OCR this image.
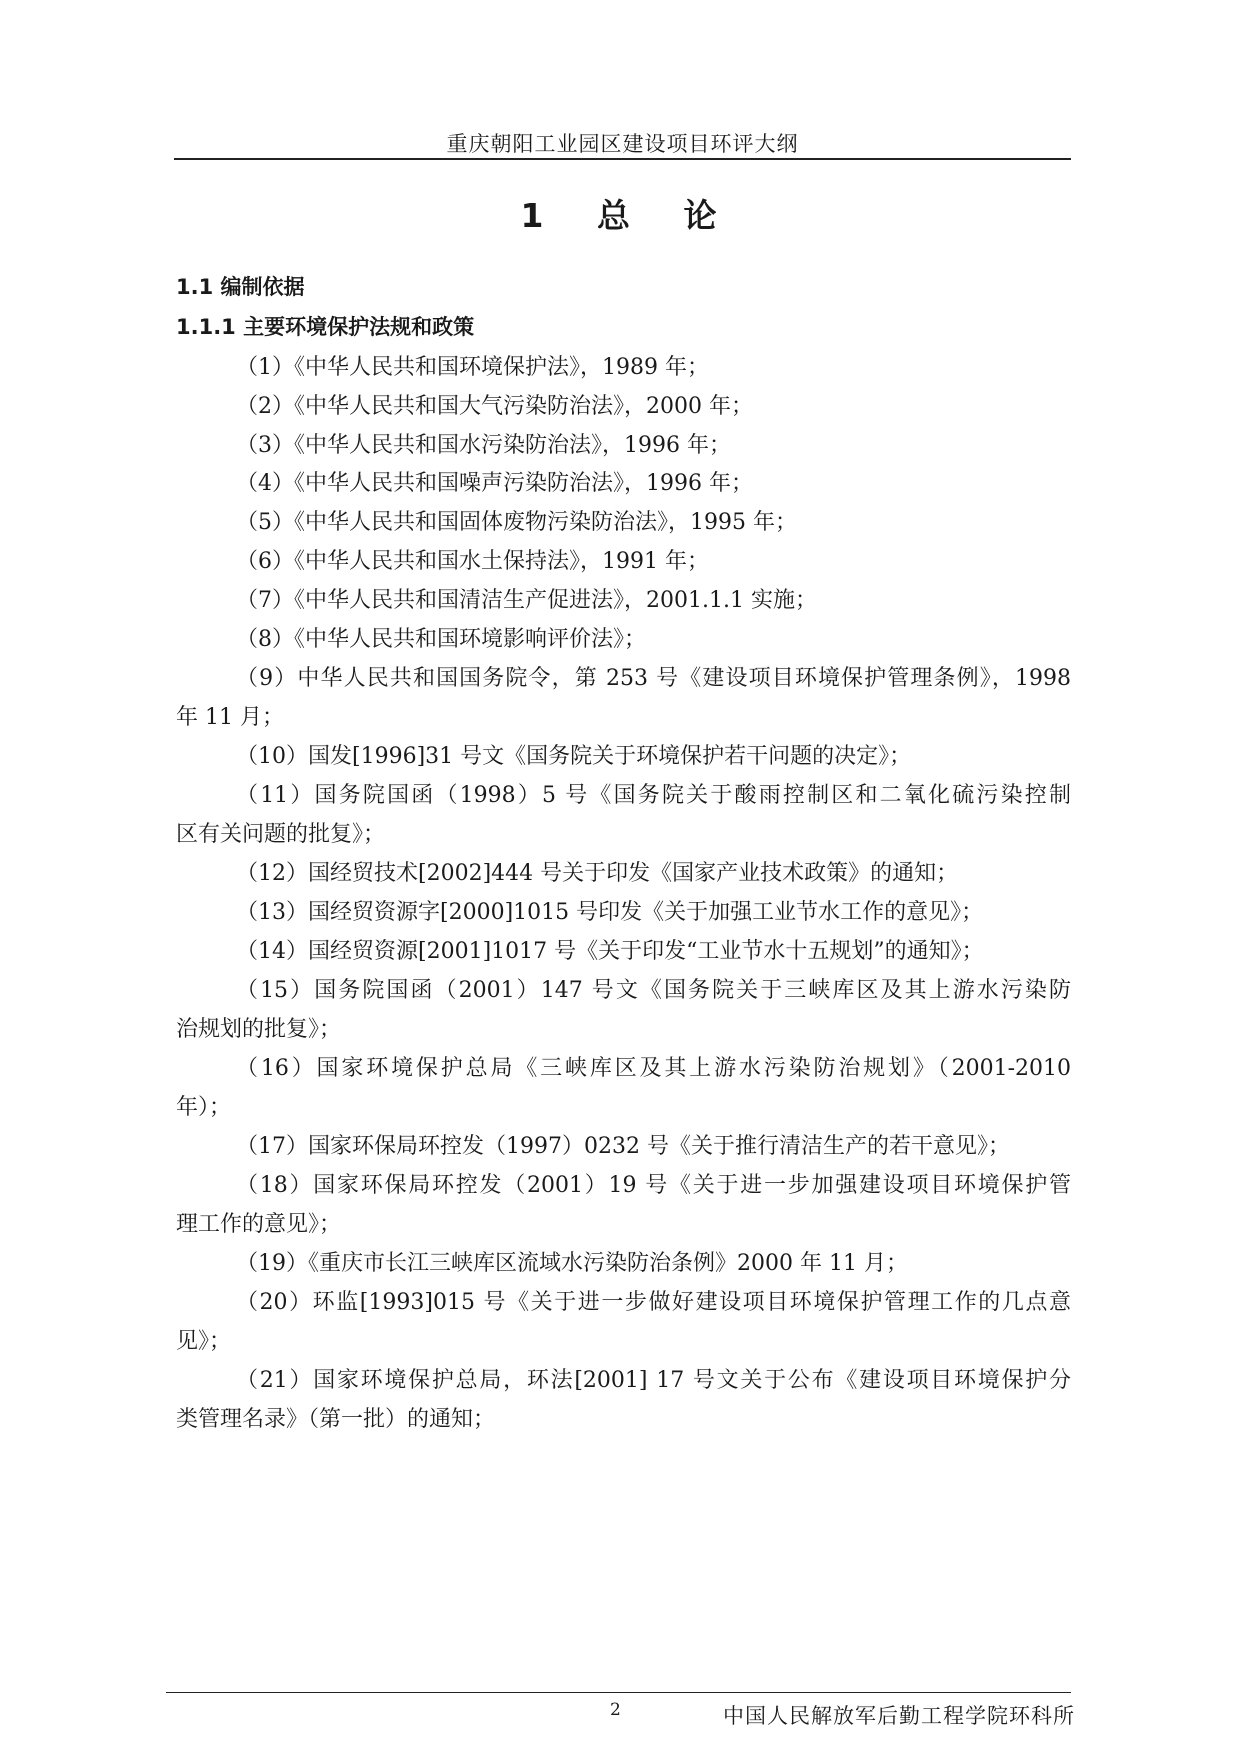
重庆朝阳工业园区建设项目环评大纲
1 总 论
1.1 编制依据
1.1.1 主要环境保护法规和政策
（1）《中华人民共和国环境保护法》，1989 年；
（2）《中华人民共和国大气污染防治法》，2000 年；
（3）《中华人民共和国水污染防治法》，1996 年；
（4）《中华人民共和国噪声污染防治法》，1996 年；
（5）《中华人民共和国固体废物污染防治法》，1995 年；
（6）《中华人民共和国水土保持法》，1991 年；
（7）《中华人民共和国清洁生产促进法》，2001.1.1 实施；
（8）《中华人民共和国环境影响评价法》；
（9）中华人民共和国国务院令，第 253 号《建设项目环境保护管理条例》，1998
年 11 月；
（10）国发[1996]31 号文《国务院关于环境保护若干问题的决定》；
（11）国务院国函（1998）5 号《国务院关于酸雨控制区和二氧化硫污染控制
区有关问题的批复》；
（12）国经贸技术[2002]444 号关于印发《国家产业技术政策》的通知；
（13）国经贸资源字[2000]1015 号印发《关于加强工业节水工作的意见》；
（14）国经贸资源[2001]1017 号《关于印发“工业节水十五规划”的通知》；
（15）国务院国函（2001）147 号文《国务院关于三峡库区及其上游水污染防
治规划的批复》；
（16）国家环境保护总局《三峡库区及其上游水污染防治规划》（2001-2010
年）；
（17）国家环保局环控发（1997）0232 号《关于推行清洁生产的若干意见》；
（18）国家环保局环控发（2001）19 号《关于进一步加强建设项目环境保护管
理工作的意见》；
（19）《重庆市长江三峡库区流域水污染防治条例》2000 年 11 月；
（20）环监[1993]015 号《关于进一步做好建设项目环境保护管理工作的几点意
见》；
（21）国家环境保护总局，环法[2001] 17 号文关于公布《建设项目环境保护分
类管理名录》（第一批）的通知；
2	中国人民解放军后勤工程学院环科所
